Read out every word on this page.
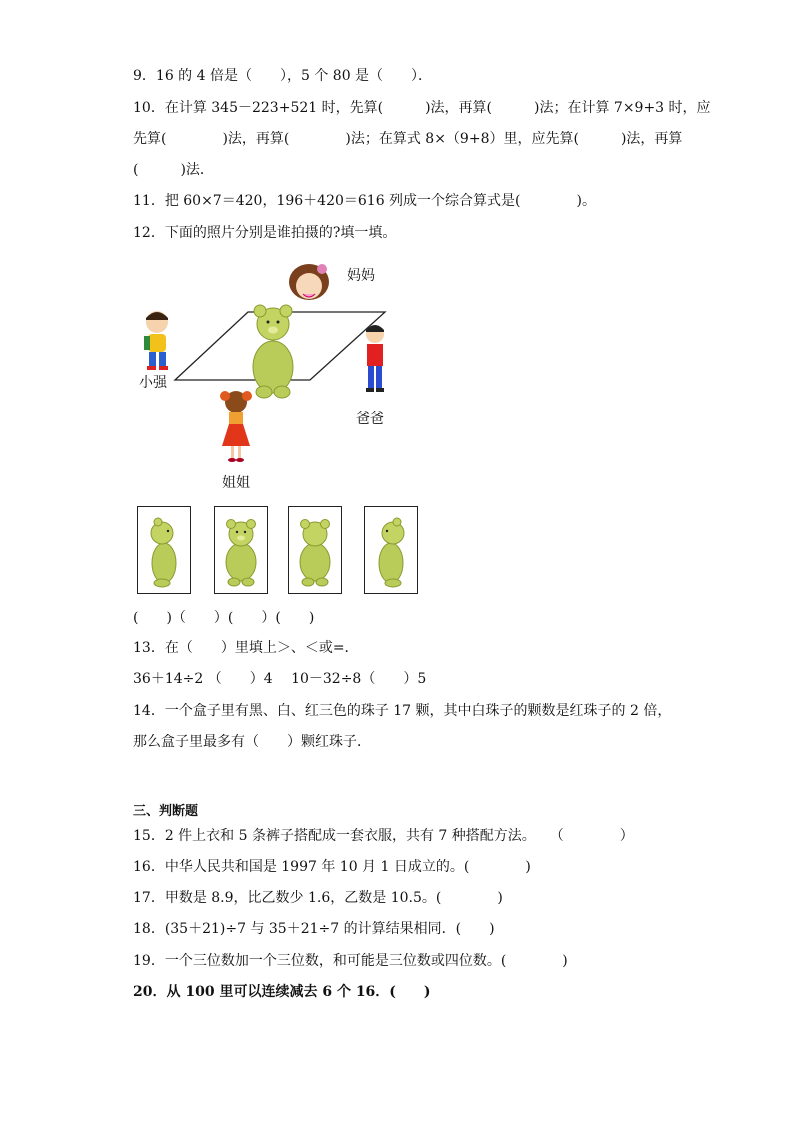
9．16 的 4 倍是（　　），5 个 80 是（　　）．
10．在计算 345－223+521 时，先算(　　　)法，再算(　　　)法；在计算 7×9+3 时，应
先算(　　　　)法，再算(　　　　)法；在算式 8×（9+8）里，应先算(　　　)法，再算
(　　　)法．
11．把 60×7＝420，196＋420＝616 列成一个综合算式是(　　　　)。
12．下面的照片分别是谁拍摄的?填一填。
妈妈
小强
爸爸
姐姐
(　　)（　　）(　　）(　　)
13．在（　　）里填上＞、＜或=．
36＋14÷2 （　　）4　 10－32÷8（　　）5
14．一个盒子里有黑、白、红三色的珠子 17 颗，其中白珠子的颗数是红珠子的 2 倍，
那么盒子里最多有（　　）颗红珠子．
三、判断题
15．2 件上衣和 5 条裤子搭配成一套衣服，共有 7 种搭配方法。　　（　　　　）
16．中华人民共和国是 1997 年 10 月 1 日成立的。(　　　　)
17．甲数是 8.9，比乙数少 1.6，乙数是 10.5。(　　　　)
18．(35＋21)÷7 与 35＋21÷7 的计算结果相同．(　　)
19．一个三位数加一个三位数，和可能是三位数或四位数。(　　　　)
20．从 100 里可以连续减去 6 个 16．(　　)
